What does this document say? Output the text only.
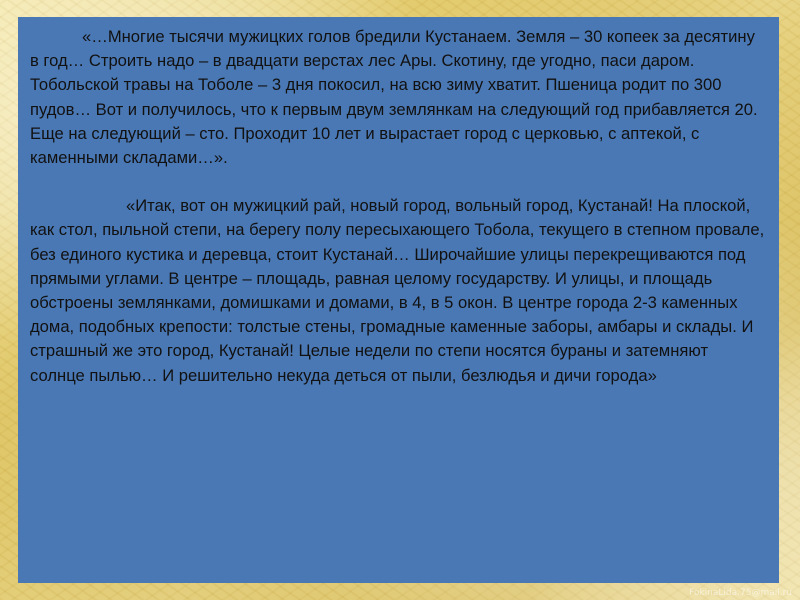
«…Многие тысячи мужицких голов бредили Кустанаем. Земля – 30 копеек за десятину в год… Строить надо – в двадцати верстах лес Ары. Скотину, где угодно, паси даром. Тобольской травы на Тоболе – 3 дня покосил, на всю зиму хватит. Пшеница родит по 300 пудов… Вот и получилось, что к первым двум землянкам на следующий год прибавляется 20. Еще на следующий – сто. Проходит 10 лет и вырастает город с церковью, с аптекой, с каменными складами…».

«Итак, вот он мужицкий рай, новый город, вольный город, Кустанай! На плоской, как стол, пыльной степи, на берегу полу пересыхающего Тобола, текущего в степном провале, без единого кустика и деревца, стоит Кустанай… Широчайшие улицы перекрещиваются под прямыми углами. В центре – площадь, равная целому государству. И улицы, и площадь обстроены землянками, домишками и домами, в 4, в 5 окон. В центре города 2-3 каменных дома, подобных крепости: толстые стены, громадные каменные заборы, амбары и склады. И страшный же это город, Кустанай! Целые недели по степи носятся бураны и затемняют солнце пылью… И решительно некуда деться от пыли, безлюдья и дичи города»

FokinaLida.75@mail.ru
